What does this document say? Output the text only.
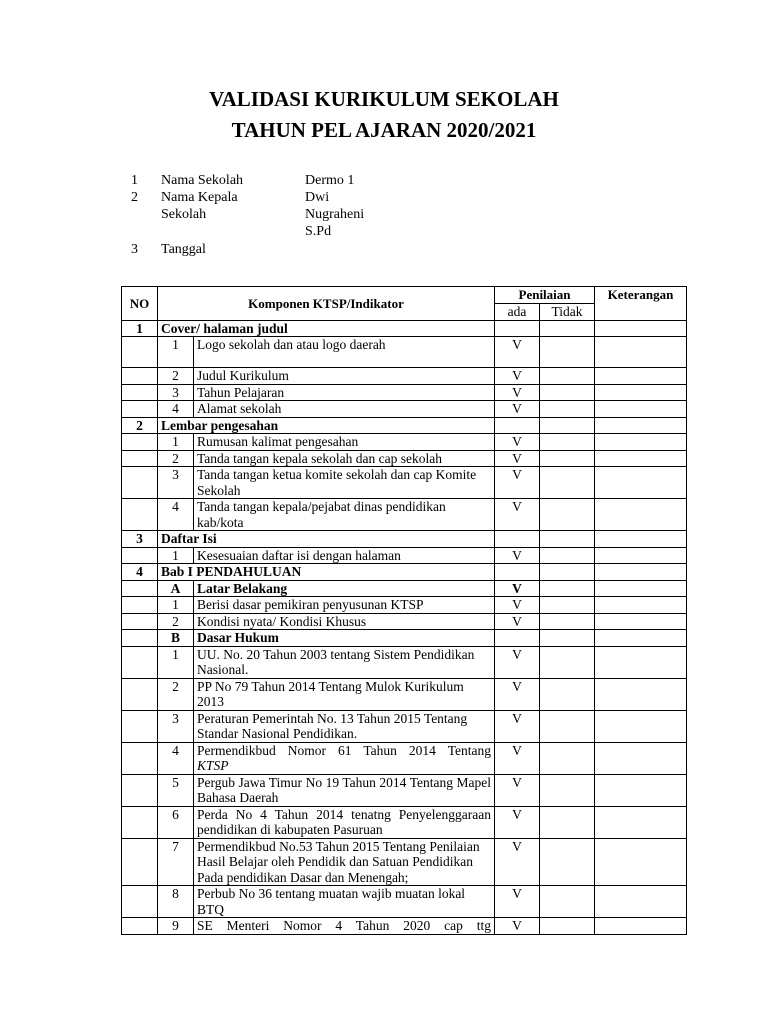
VALIDASI KURIKULUM SEKOLAH
TAHUN PEL AJARAN 2020/2021
1 Nama Sekolah	Dermo 1
2 Nama Kepala
Sekolah
Dwi
Nugraheni
S.Pd
3 Tanggal
NO	Komponen KTSP/Indikator		Penilaian		Keterangan
			ada	Tidak	
1	Cover/ halaman judul				
	1	Logo sekolah dan atau logo daerah	V		
	2	Judul Kurikulum	V		
	3	Tahun Pelajaran	V		
	4	Alamat sekolah	V		
2	Lembar pengesahan				
	1	Rumusan kalimat pengesahan	V		
	2	Tanda tangan kepala sekolah dan cap sekolah	V		
	3	Tanda tangan ketua komite sekolah dan cap Komite Sekolah	V		
	4	Tanda tangan kepala/pejabat dinas pendidikan kab/kota	V		
3	Daftar Isi				
	1	Kesesuaian daftar isi dengan halaman	V		
4	Bab I PENDAHULUAN				
	A	Latar Belakang	V		
	1	Berisi dasar pemikiran penyusunan KTSP	V		
	2	Kondisi nyata/ Kondisi Khusus	V		
	B	Dasar Hukum			
	1	UU. No. 20 Tahun 2003 tentang Sistem Pendidikan Nasional.	V		
	2	PP No 79 Tahun 2014 Tentang Mulok Kurikulum 2013	V		
	3	Peraturan Pemerintah No. 13 Tahun 2015 Tentang Standar Nasional Pendidikan.	V		
	4	Permendikbud Nomor 61 Tahun 2014 Tentang
KTSP	V		
	5	Pergub Jawa Timur No 19 Tahun 2014 Tentang Mapel Bahasa Daerah	V		
	6	Perda No 4 Tahun 2014 tenatng Penyelenggaraan pendidikan di kabupaten Pasuruan	V		
	7	Permendikbud No.53 Tahun 2015 Tentang Penilaian Hasil Belajar oleh Pendidik dan Satuan Pendidikan Pada pendidikan Dasar dan Menengah;	V		
	8	Perbub No 36 tentang muatan wajib muatan lokal BTQ	V		
	9	SE Menteri Nomor 4 Tahun 2020 cap ttg	V		
